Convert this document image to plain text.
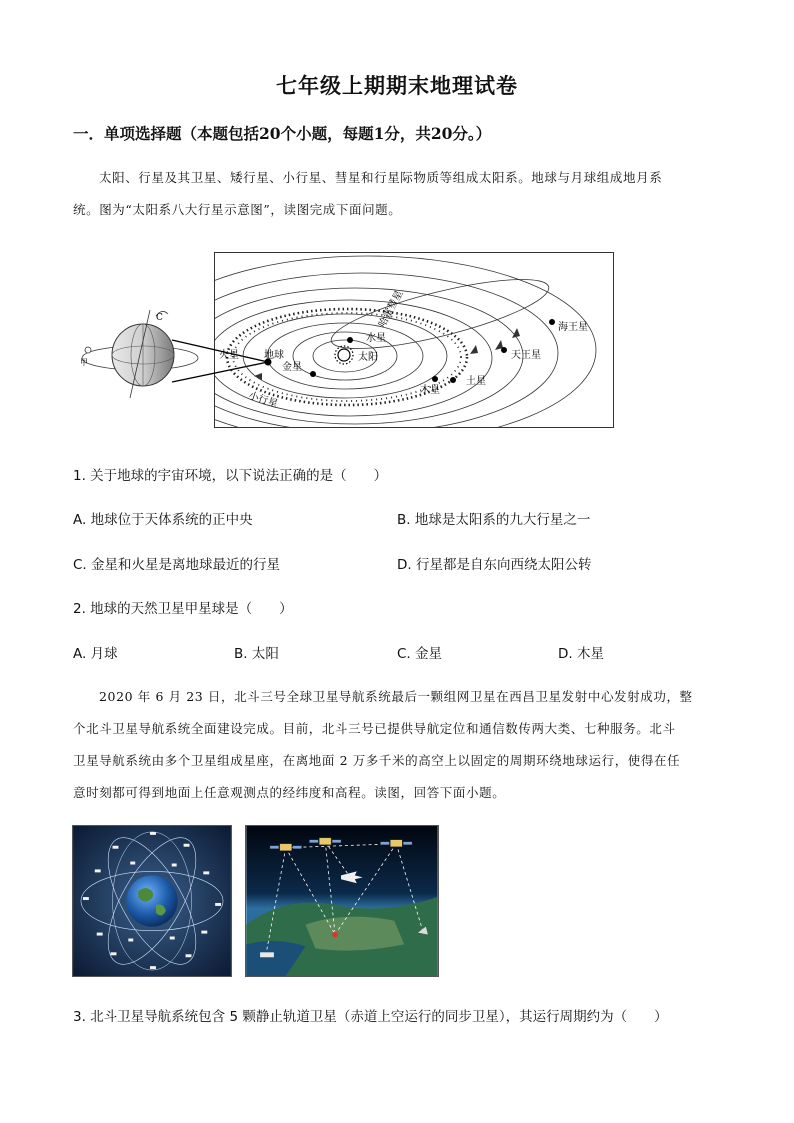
七年级上期期末地理试卷
一．单项选择题（本题包括20个小题，每题1分，共20分。）
太阳、行星及其卫星、矮行星、小行星、彗星和行星际物质等组成太阳系。地球与月球组成地月系
统。图为“太阳系八大行星示意图”，读图完成下面问题。
C
甲	太阳
水星
金星
地球
火星
小行星	木星
土星
天王星
海王星
哈雷彗星
1. 关于地球的宇宙环境，以下说法正确的是（　　）
A. 地球位于天体系统的正中央	B. 地球是太阳系的九大行星之一
C. 金星和火星是离地球最近的行星	D. 行星都是自东向西绕太阳公转
2. 地球的天然卫星甲星球是（　　）
A. 月球	B. 太阳	C. 金星	D. 木星
2020 年 6 月 23 日，北斗三号全球卫星导航系统最后一颗组网卫星在西昌卫星发射中心发射成功，整
个北斗卫星导航系统全面建设完成。目前，北斗三号已提供导航定位和通信数传两大类、七种服务。北斗
卫星导航系统由多个卫星组成星座，在离地面 2 万多千米的高空上以固定的周期环绕地球运行，使得在任
意时刻都可得到地面上任意观测点的经纬度和高程。读图，回答下面小题。
3. 北斗卫星导航系统包含 5 颗静止轨道卫星（赤道上空运行的同步卫星），其运行周期约为（　　）
